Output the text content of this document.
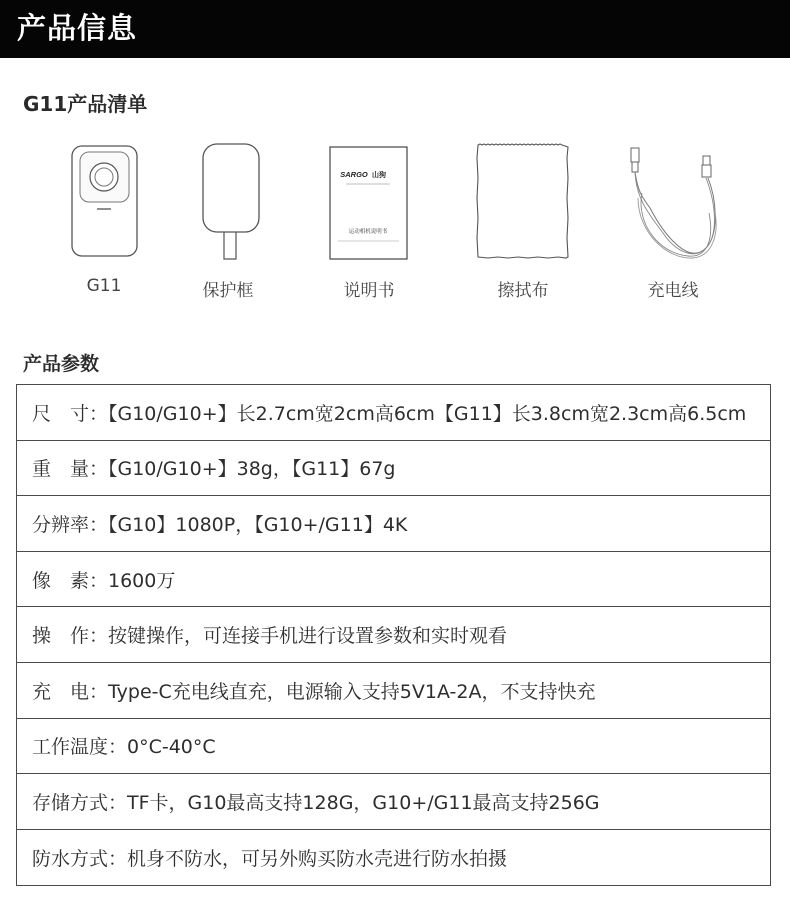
产品信息
G11产品清单
G11	保护框
SARGO 山狗
运动相机说明书
说明书	擦拭布	充电线
产品参数
尺　寸：【G10/G10+】长2.7cm宽2cm高6cm【G11】长3.8cm宽2.3cm高6.5cm
重　量：【G10/G10+】38g，【G11】67g
分辨率：【G10】1080P，【G10+/G11】4K
像　素：1600万
操　作：按键操作，可连接手机进行设置参数和实时观看
充　电：Type-C充电线直充，电源输入支持5V1A-2A，不支持快充
工作温度：0°C-40°C
存储方式：TF卡，G10最高支持128G，G10+/G11最高支持256G
防水方式：机身不防水，可另外购买防水壳进行防水拍摄
